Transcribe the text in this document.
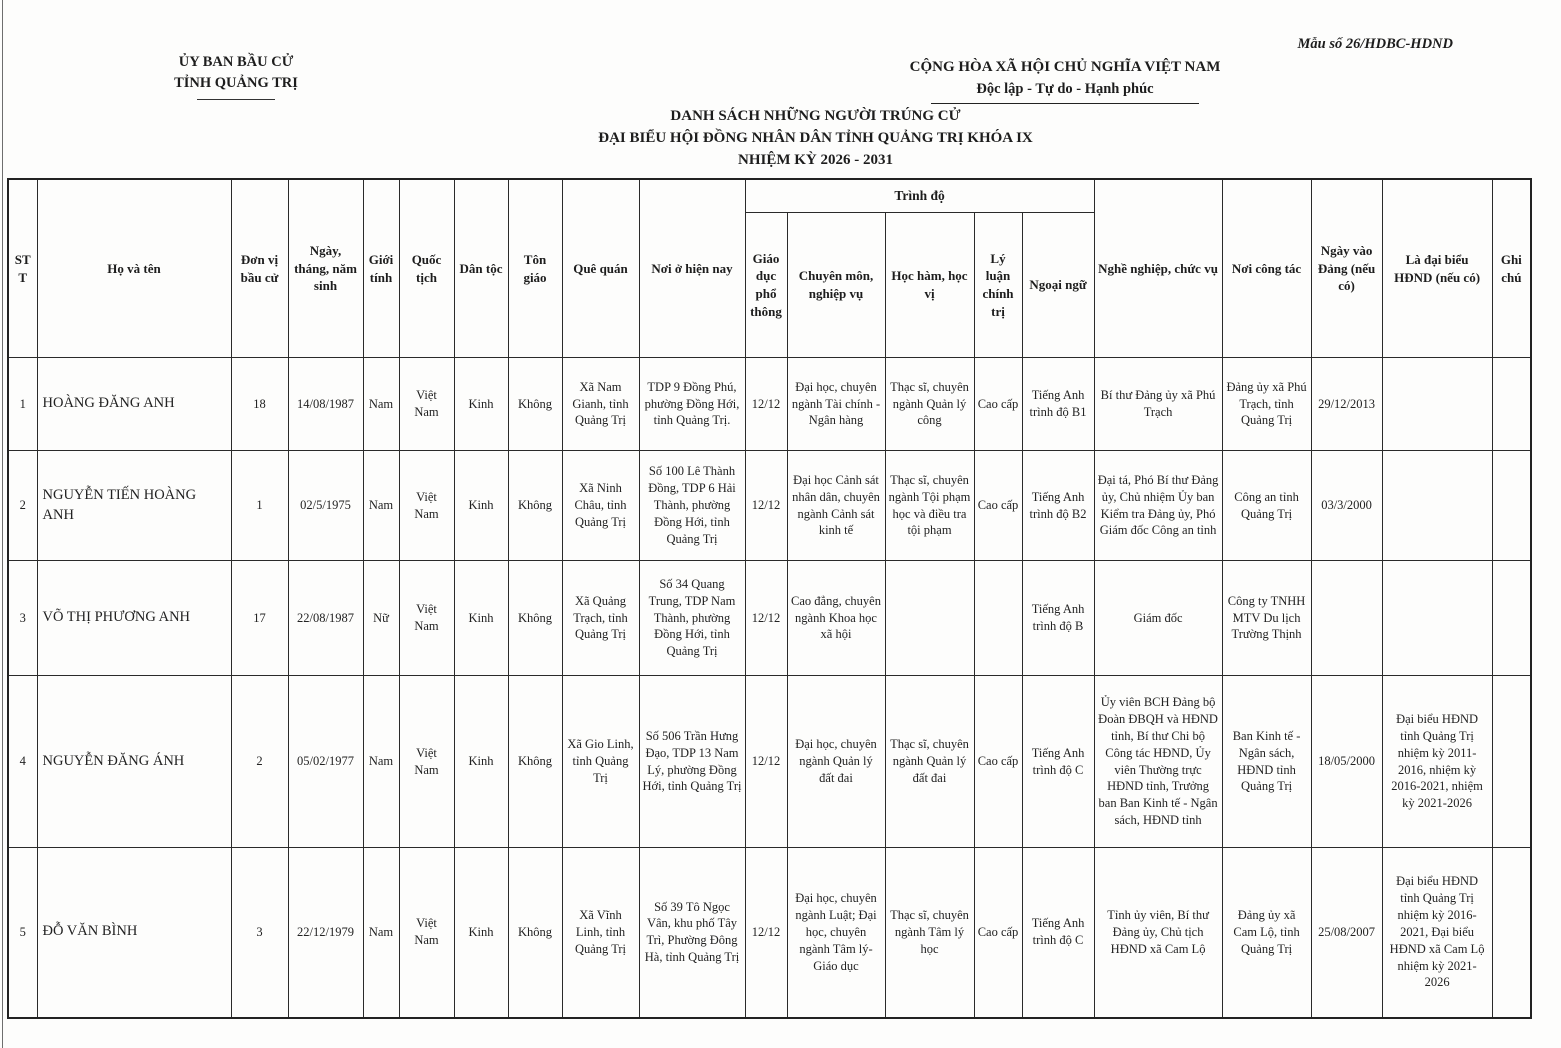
ỦY BAN BẦU CỬ
TỈNH QUẢNG TRỊ
CỘNG HÒA XÃ HỘI CHỦ NGHĨA VIỆT NAM
Độc lập - Tự do - Hạnh phúc
Mẫu số 26/HDBC-HDND
DANH SÁCH NHỮNG NGƯỜI TRÚNG CỬ
ĐẠI BIỂU HỘI ĐỒNG NHÂN DÂN TỈNH QUẢNG TRỊ KHÓA IX
NHIỆM KỲ 2026 - 2031
STT	Họ và tên	Đơn vị bầu cử	Ngày, tháng, năm sinh	Giới tính	Quốc tịch	Dân tộc	Tôn giáo	Quê quán	Nơi ở hiện nay	Trình độ					Nghề nghiệp, chức vụ	Nơi công tác	Ngày vào Đảng (nếu có)	Là đại biểu HĐND (nếu có)	Ghi chú
										Giáo dục phổ thông	Chuyên môn, nghiệp vụ	Học hàm, học vị	Lý luận chính trị	Ngoại ngữ					
1	HOÀNG ĐĂNG ANH	18	14/08/1987	Nam	Việt Nam	Kinh	Không	Xã Nam Gianh, tỉnh Quảng Trị	TDP 9 Đồng Phú, phường Đồng Hới, tỉnh Quảng Trị.	12/12	Đại học, chuyên ngành Tài chính - Ngân hàng	Thạc sĩ, chuyên ngành Quản lý công	Cao cấp	Tiếng Anh trình độ B1	Bí thư Đảng ủy xã Phú Trạch	Đảng ủy xã Phú Trạch, tỉnh Quảng Trị	29/12/2013		
2	NGUYỄN TIẾN HOÀNG ANH	1	02/5/1975	Nam	Việt Nam	Kinh	Không	Xã Ninh Châu, tỉnh Quảng Trị	Số 100 Lê Thành Đồng, TDP 6 Hải Thành, phường Đồng Hới, tỉnh Quảng Trị	12/12	Đại học Cảnh sát nhân dân, chuyên ngành Cảnh sát kinh tế	Thạc sĩ, chuyên ngành Tội phạm học và điều tra tội phạm	Cao cấp	Tiếng Anh trình độ B2	Đại tá, Phó Bí thư Đảng ủy, Chủ nhiệm Ủy ban Kiểm tra Đảng ủy, Phó Giám đốc Công an tỉnh	Công an tỉnh Quảng Trị	03/3/2000		
3	VÕ THỊ PHƯƠNG ANH	17	22/08/1987	Nữ	Việt Nam	Kinh	Không	Xã Quảng Trạch, tỉnh Quảng Trị	Số 34 Quang Trung, TDP Nam Thành, phường Đồng Hới, tỉnh Quảng Trị	12/12	Cao đẳng, chuyên ngành Khoa học xã hội			Tiếng Anh trình độ B	Giám đốc	Công ty TNHH MTV Du lịch Trường Thịnh			
4	NGUYỄN ĐĂNG ÁNH	2	05/02/1977	Nam	Việt Nam	Kinh	Không	Xã Gio Linh, tỉnh Quảng Trị	Số 506 Trần Hưng Đạo, TDP 13 Nam Lý, phường Đồng Hới, tỉnh Quảng Trị	12/12	Đại học, chuyên ngành Quản lý đất đai	Thạc sĩ, chuyên ngành Quản lý đất đai	Cao cấp	Tiếng Anh trình độ C	Ủy viên BCH Đảng bộ Đoàn ĐBQH và HĐND tỉnh, Bí thư Chi bộ Công tác HĐND, Ủy viên Thường trực HĐND tỉnh, Trưởng ban Ban Kinh tế - Ngân sách, HĐND tỉnh	Ban Kinh tế - Ngân sách, HĐND tỉnh Quảng Trị	18/05/2000	Đại biểu HĐND tỉnh Quảng Trị nhiệm kỳ 2011-2016, nhiệm kỳ 2016-2021, nhiệm kỳ 2021-2026	
5	ĐỖ VĂN BÌNH	3	22/12/1979	Nam	Việt Nam	Kinh	Không	Xã Vĩnh Linh, tỉnh Quảng Trị	Số 39 Tô Ngọc Vân, khu phố Tây Trì, Phường Đông Hà, tỉnh Quảng Trị	12/12	Đại học, chuyên ngành Luật; Đại học, chuyên ngành Tâm lý- Giáo dục	Thạc sĩ, chuyên ngành Tâm lý học	Cao cấp	Tiếng Anh trình độ C	Tỉnh ủy viên, Bí thư Đảng ủy, Chủ tịch HĐND xã Cam Lộ	Đảng ủy xã Cam Lộ, tỉnh Quảng Trị	25/08/2007	Đại biểu HĐND tỉnh Quảng Trị nhiệm kỳ 2016-2021, Đại biểu HĐND xã Cam Lộ nhiệm kỳ 2021-2026	
